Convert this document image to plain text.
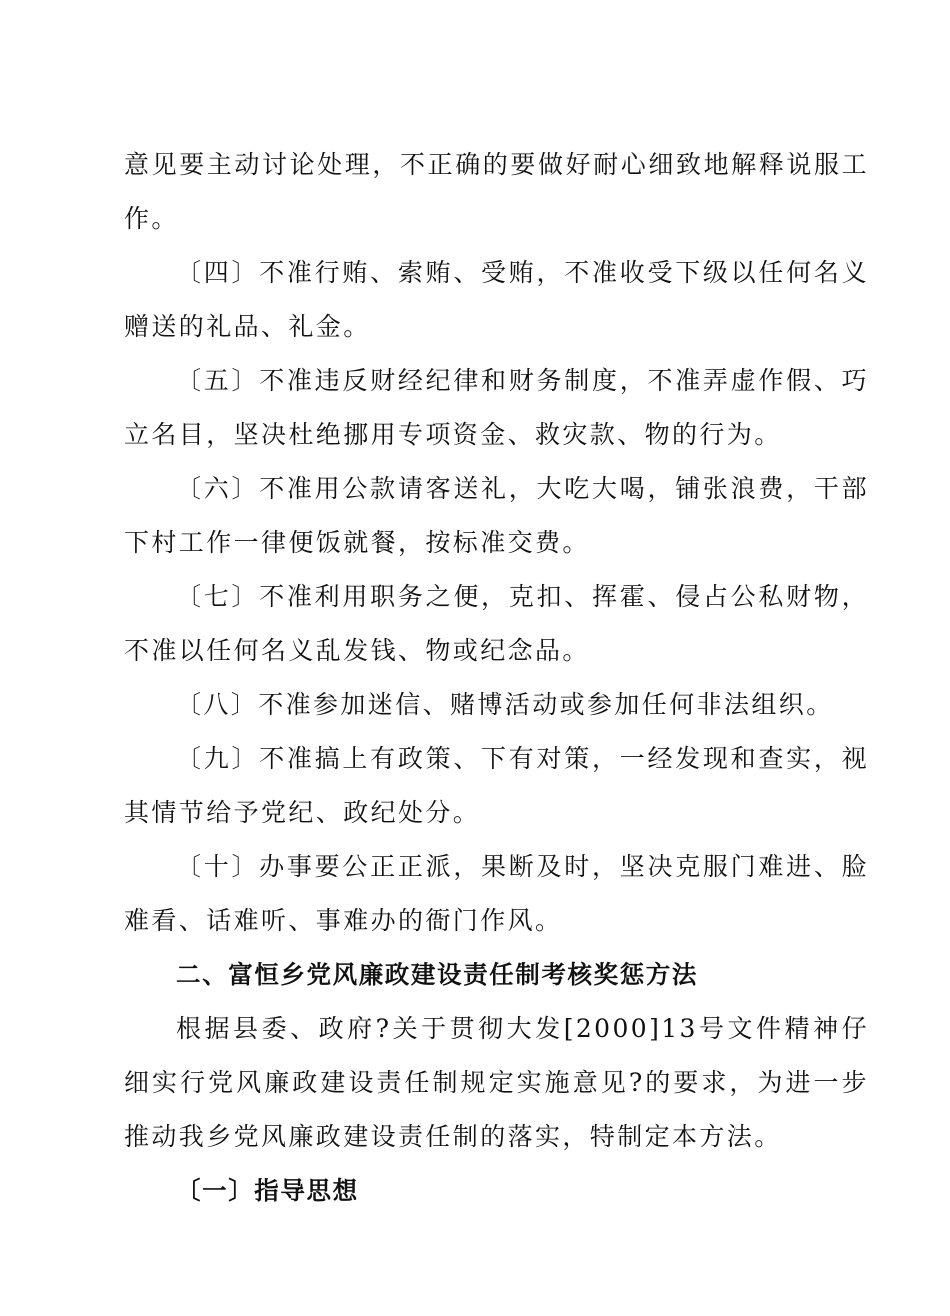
意见要主动讨论处理，不正确的要做好耐心细致地解释说服工作。

〔四〕不准行贿、索贿、受贿，不准收受下级以任何名义赠送的礼品、礼金。

〔五〕不准违反财经纪律和财务制度，不准弄虚作假、巧立名目，坚决杜绝挪用专项资金、救灾款、物的行为。

〔六〕不准用公款请客送礼，大吃大喝，铺张浪费，干部下村工作一律便饭就餐，按标准交费。

〔七〕不准利用职务之便，克扣、挥霍、侵占公私财物，不准以任何名义乱发钱、物或纪念品。

〔八〕不准参加迷信、赌博活动或参加任何非法组织。

〔九〕不准搞上有政策、下有对策，一经发现和查实，视其情节给予党纪、政纪处分。

〔十〕办事要公正正派，果断及时，坚决克服门难进、脸难看、话难听、事难办的衙门作风。

二、富恒乡党风廉政建设责任制考核奖惩方法

根据县委、政府?关于贯彻大发[2000]13号文件精神仔细实行党风廉政建设责任制规定实施意见?的要求，为进一步推动我乡党风廉政建设责任制的落实，特制定本方法。

〔一〕指导思想
